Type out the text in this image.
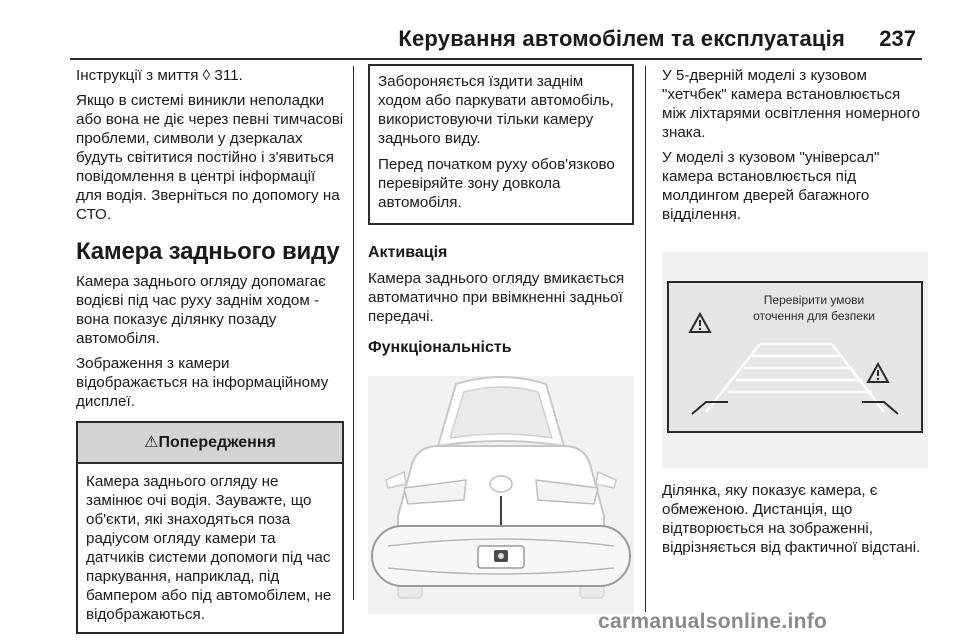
Керування автомобілем та експлуатація 237

Інструкції з миття ◊ 311.

Якщо в системі виникли неполадки або вона не діє через певні тимчасові проблеми, символи у дзеркалах будуть світитися постійно і з'явиться повідомлення в центрі інформації для водія. Зверніться по допомогу на СТО.

Камера заднього виду

Камера заднього огляду допомагає водієві під час руху заднім ходом - вона показує ділянку позаду автомобіля.

Зображення з камери відображається на інформаційному дисплеї.

⚠Попередження

Камера заднього огляду не замінює очі водія. Зауважте, що об'єкти, які знаходяться поза радіусом огляду камери та датчиків системи допомоги під час паркування, наприклад, під бампером або під автомобілем, не відображаються.

Забороняється їздити заднім ходом або паркувати автомобіль, використовуючи тільки камеру заднього виду.

Перед початком руху обов'язково перевіряйте зону довкола автомобіля.

Активація

Камера заднього огляду вмикається автоматично при ввімкненні задньої передачі.

Функціональність

У 5-дверній моделі з кузовом "хетчбек" камера встановлюється між ліхтарями освітлення номерного знака.

У моделі з кузовом "універсал" камера встановлюється під молдингом дверей багажного відділення.

Перевірити умови
оточення для безпеки

Ділянка, яку показує камера, є обмеженою. Дистанція, що відтворюється на зображенні, відрізняється від фактичної відстані.

carmanualsonline.info
